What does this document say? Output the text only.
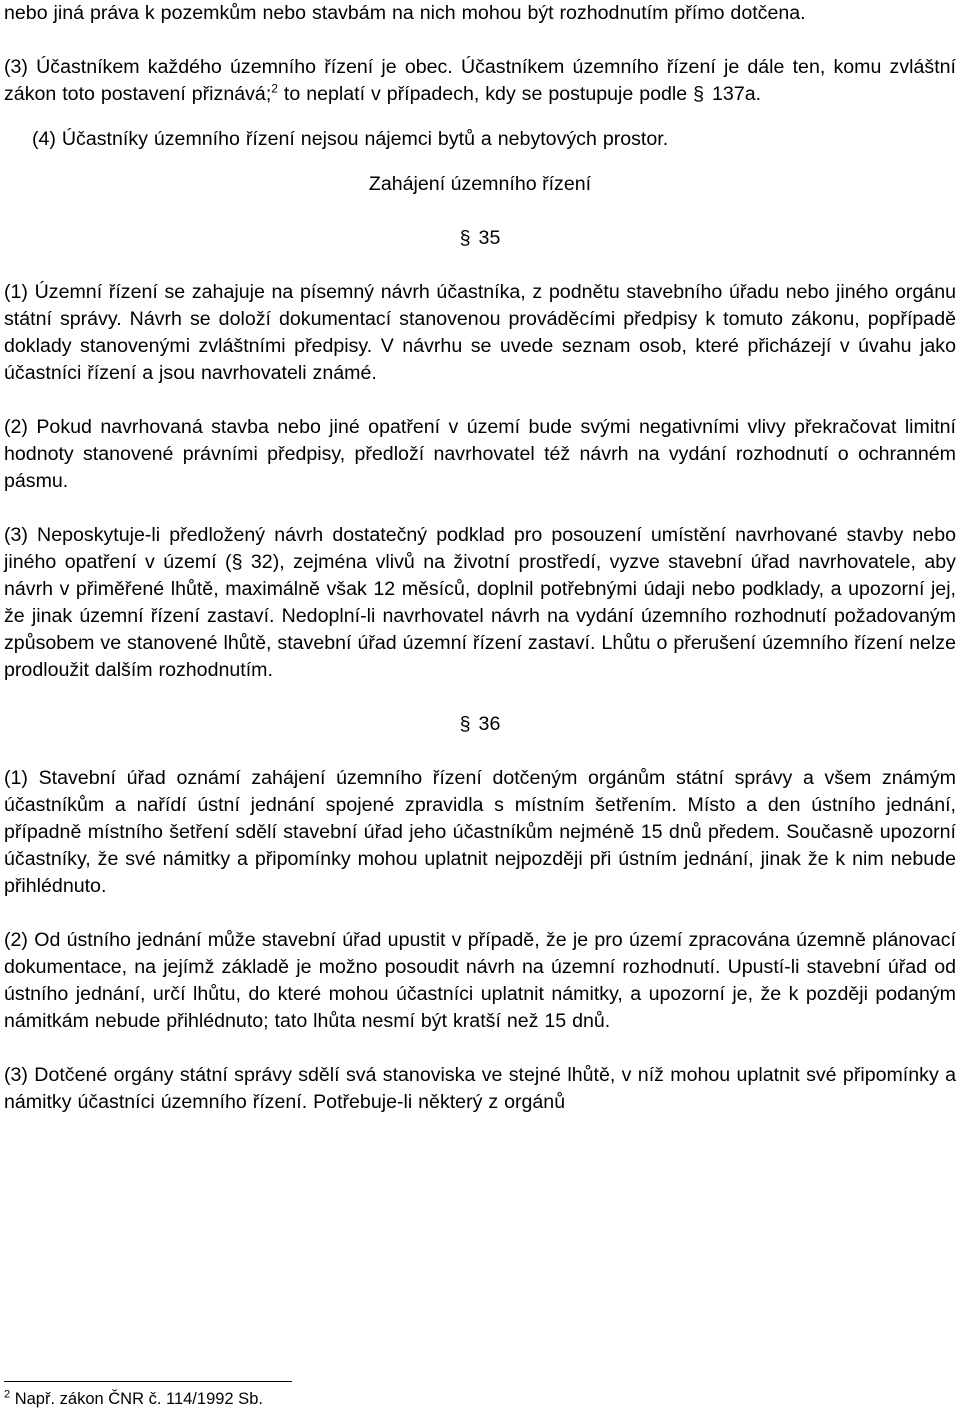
nebo jiná práva k pozemkům nebo stavbám na nich mohou být rozhodnutím přímo dotčena.

(3) Účastníkem každého územního řízení je obec. Účastníkem územního řízení je dále ten, komu zvláštní zákon toto postavení přiznává;$^2$ to neplatí v případech, kdy se postupuje podle § 137a.

(4) Účastníky územního řízení nejsou nájemci bytů a nebytových prostor.

Zahájení územního řízení

§ 35

(1) Územní řízení se zahajuje na písemný návrh účastníka, z podnětu stavebního úřadu nebo jiného orgánu státní správy. Návrh se doloží dokumentací stanovenou prováděcími předpisy k tomuto zákonu, popřípadě doklady stanovenými zvláštními předpisy. V návrhu se uvede seznam osob, které přicházejí v úvahu jako účastníci řízení a jsou navrhovateli známé.

(2) Pokud navrhovaná stavba nebo jiné opatření v území bude svými negativními vlivy překračovat limitní hodnoty stanovené právními předpisy, předloží navrhovatel též návrh na vydání rozhodnutí o ochranném pásmu.

(3) Neposkytuje-li předložený návrh dostatečný podklad pro posouzení umístění navrhované stavby nebo jiného opatření v území (§ 32), zejména vlivů na životní prostředí, vyzve stavební úřad navrhovatele, aby návrh v přiměřené lhůtě, maximálně však 12 měsíců, doplnil potřebnými údaji nebo podklady, a upozorní jej, že jinak územní řízení zastaví. Nedoplní-li navrhovatel návrh na vydání územního rozhodnutí požadovaným způsobem ve stanovené lhůtě, stavební úřad územní řízení zastaví. Lhůtu o přerušení územního řízení nelze prodloužit dalším rozhodnutím.

§ 36

(1) Stavební úřad oznámí zahájení územního řízení dotčeným orgánům státní správy a všem známým účastníkům a nařídí ústní jednání spojené zpravidla s místním šetřením. Místo a den ústního jednání, případně místního šetření sdělí stavební úřad jeho účastníkům nejméně 15 dnů předem. Současně upozorní účastníky, že své námitky a připomínky mohou uplatnit nejpozději při ústním jednání, jinak že k nim nebude přihlédnuto.

(2) Od ústního jednání může stavební úřad upustit v případě, že je pro území zpracována územně plánovací dokumentace, na jejímž základě je možno posoudit návrh na územní rozhodnutí. Upustí-li stavební úřad od ústního jednání, určí lhůtu, do které mohou účastníci uplatnit námitky, a upozorní je, že k později podaným námitkám nebude přihlédnuto; tato lhůta nesmí být kratší než 15 dnů.

(3) Dotčené orgány státní správy sdělí svá stanoviska ve stejné lhůtě, v níž mohou uplatnit své připomínky a námitky účastníci územního řízení. Potřebuje-li některý z orgánů

$^2$ Např. zákon ČNR č. 114/1992 Sb.
